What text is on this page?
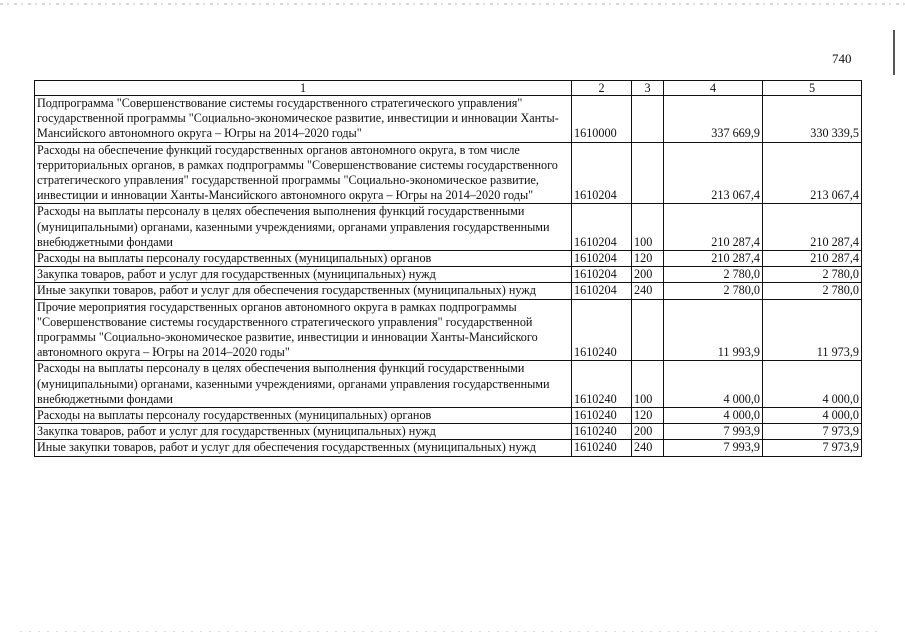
740
1	2	3	4	5
Подпрограмма "Совершенствование системы государственного стратегического управления" государственной программы "Социально-экономическое развитие, инвестиции и инновации Ханты-Мансийского автономного округа – Югры на 2014–2020 годы"	1610000		337 669,9	330 339,5
Расходы на обеспечение функций государственных органов автономного округа, в том числе территориальных органов, в рамках подпрограммы "Совершенствование системы государственного стратегического управления" государственной программы "Социально-экономическое развитие, инвестиции и инновации Ханты-Мансийского автономного округа – Югры на 2014–2020 годы"	1610204		213 067,4	213 067,4
Расходы на выплаты персоналу в целях обеспечения выполнения функций государственными (муниципальными) органами, казенными учреждениями, органами управления государственными внебюджетными фондами	1610204	100	210 287,4	210 287,4
Расходы на выплаты персоналу государственных (муниципальных) органов	1610204	120	210 287,4	210 287,4
Закупка товаров, работ и услуг для государственных (муниципальных) нужд	1610204	200	2 780,0	2 780,0
Иные закупки товаров, работ и услуг для обеспечения государственных (муниципальных) нужд	1610204	240	2 780,0	2 780,0
Прочие мероприятия государственных органов автономного округа в рамках подпрограммы "Совершенствование системы государственного стратегического управления" государственной программы "Социально-экономическое развитие, инвестиции и инновации Ханты-Мансийского автономного округа – Югры на 2014–2020 годы"	1610240		11 993,9	11 973,9
Расходы на выплаты персоналу в целях обеспечения выполнения функций государственными (муниципальными) органами, казенными учреждениями, органами управления государственными внебюджетными фондами	1610240	100	4 000,0	4 000,0
Расходы на выплаты персоналу государственных (муниципальных) органов	1610240	120	4 000,0	4 000,0
Закупка товаров, работ и услуг для государственных (муниципальных) нужд	1610240	200	7 993,9	7 973,9
Иные закупки товаров, работ и услуг для обеспечения государственных (муниципальных) нужд	1610240	240	7 993,9	7 973,9
